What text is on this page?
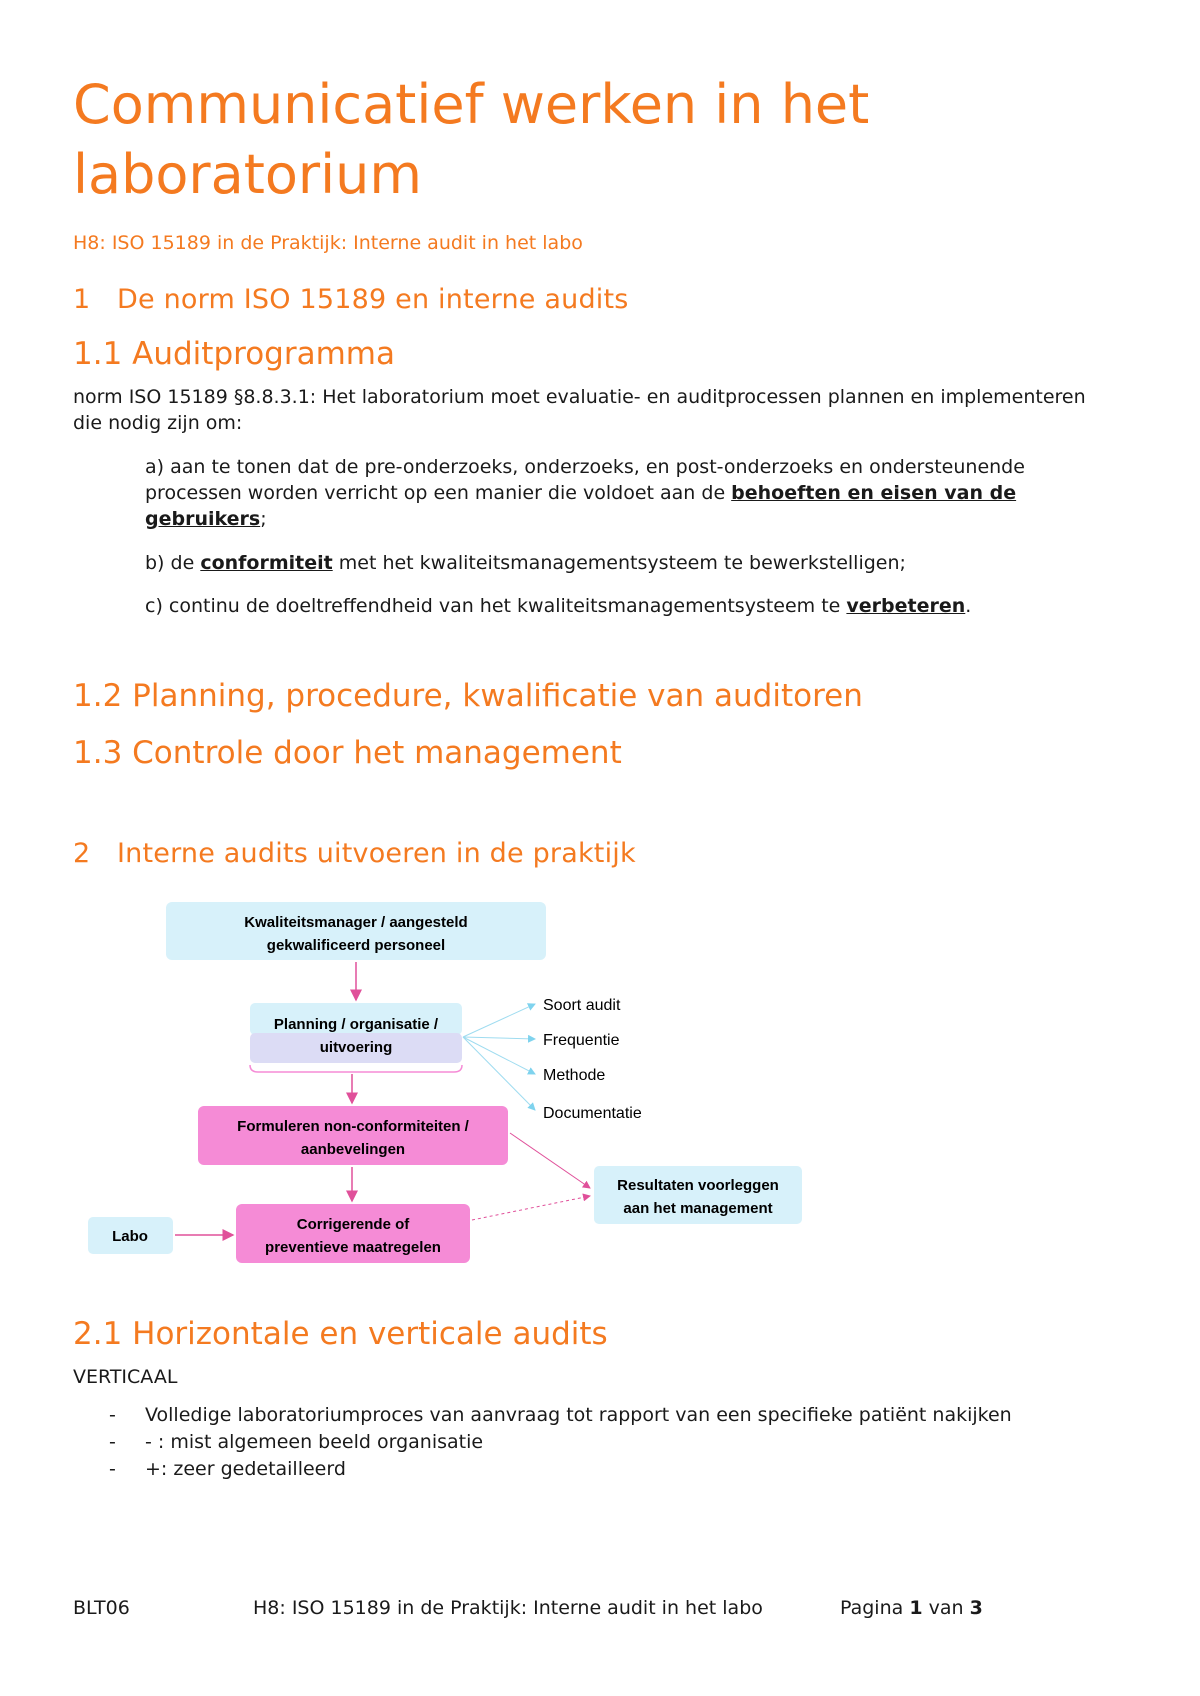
Communicatief werken in het laboratorium

H8: ISO 15189 in de Praktijk: Interne audit in het labo

1 De norm ISO 15189 en interne audits
1.1 Auditprogramma

norm ISO 15189 §8.8.3.1: Het laboratorium moet evaluatie- en auditprocessen plannen en implementeren die nodig zijn om:

a) aan te tonen dat de pre-onderzoeks, onderzoeks, en post-onderzoeks en ondersteunende processen worden verricht op een manier die voldoet aan de behoeften en eisen van de gebruikers;

b) de conformiteit met het kwaliteitsmanagementsysteem te bewerkstelligen;

c) continu de doeltreffendheid van het kwaliteitsmanagementsysteem te verbeteren.

1.2 Planning, procedure, kwalificatie van auditoren
1.3 Controle door het management
2 Interne audits uitvoeren in de praktijk
Kwaliteitsmanager / aangesteld
gekwalificeerd personeel
Planning / organisatie /
uitvoering
Soort audit
Frequentie
Methode
Documentatie
Formuleren non-conformiteiten /
aanbevelingen
Corrigerende of
preventieve maatregelen
Resultaten voorleggen
aan het management
Labo
2.1 Horizontale en verticale audits

VERTICAAL

- Volledige laboratoriumproces van aanvraag tot rapport van een specifieke patiënt nakijken
- - : mist algemeen beeld organisatie
- +: zeer gedetailleerd
BLT06	H8: ISO 15189 in de Praktijk: Interne audit in het labo	Pagina 1 van 3
